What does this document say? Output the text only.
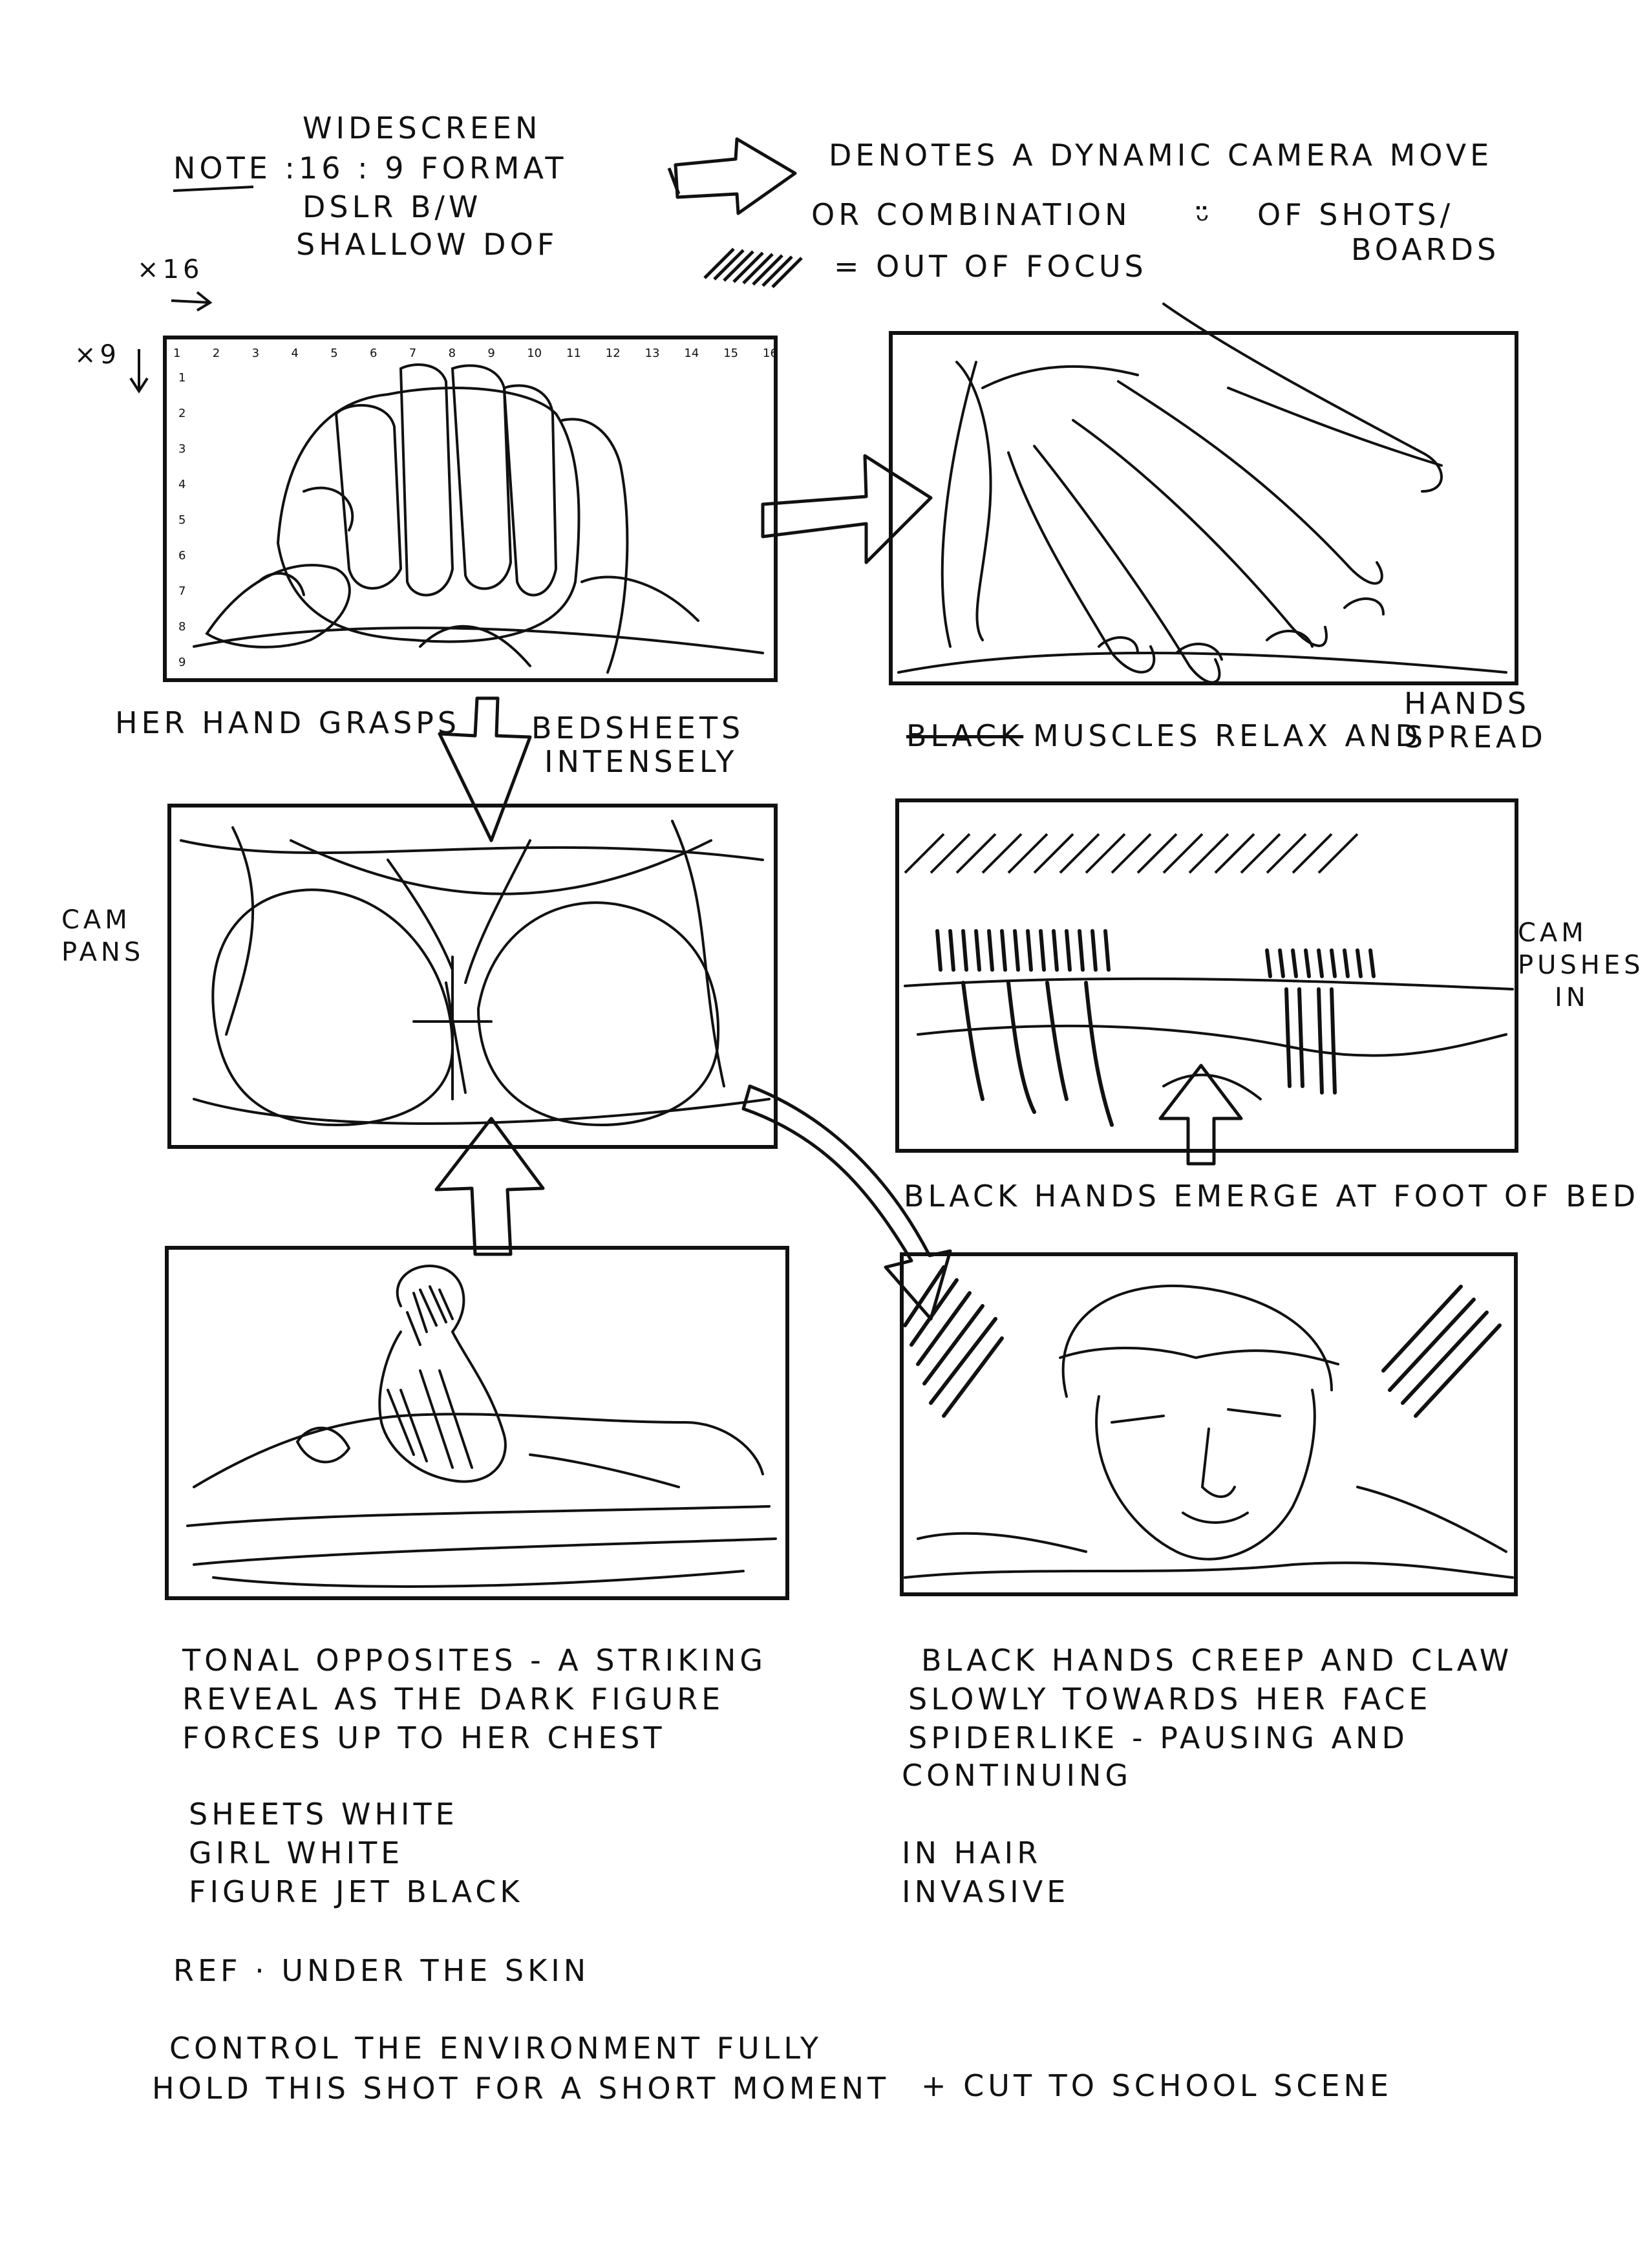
ᵕ̈
1	2	3	4	5	6	7	8	9	10 11 12 13 14 15 16
1
2
3
4
5
6
7
8
9
NOTE :
WIDESCREEN
16 : 9 FORMAT
DSLR B/W
SHALLOW DOF
DENOTES A DYNAMIC CAMERA MOVE
OR COMBINATION	OF SHOTS/
BOARDS
= OUT OF FOCUS
×16
×9
HER HAND GRASPS BEDSHEETS
INTENSELY
BLACK MUSCLES RELAX AND
HANDS
SPREAD
CAM
PANS
CAM
PUSHES
IN
BLACK HANDS EMERGE AT FOOT OF BED
TONAL OPPOSITES - A STRIKING
REVEAL AS THE DARK FIGURE
FORCES UP TO HER CHEST
SHEETS WHITE
GIRL WHITE
FIGURE JET BLACK
REF · UNDER THE SKIN
BLACK HANDS CREEP AND CLAW
SLOWLY TOWARDS HER FACE
SPIDERLIKE - PAUSING AND
CONTINUING
IN HAIR
INVASIVE
CONTROL THE ENVIRONMENT FULLY
HOLD THIS SHOT FOR A SHORT MOMENT + CUT TO SCHOOL SCENE
